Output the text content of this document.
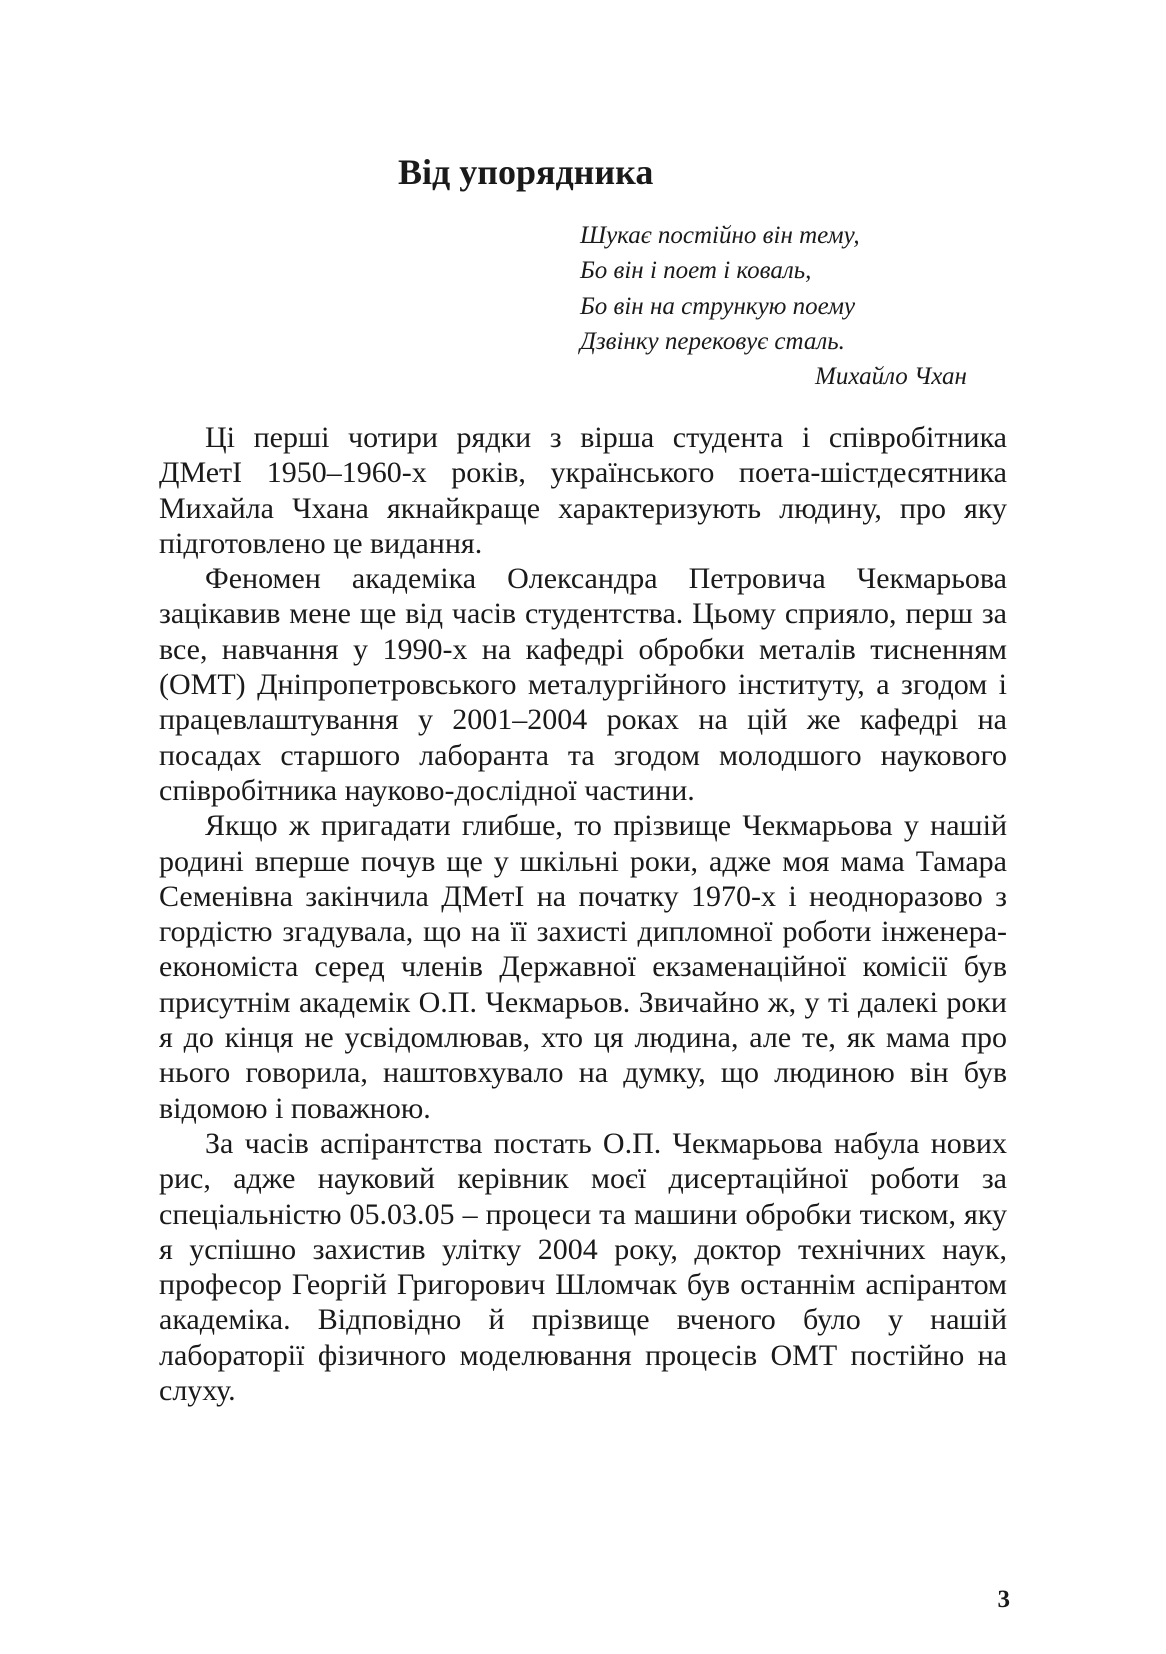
Від упорядника
Шукає постійно він тему,
Бо він і поет і коваль,
Бо він на стрункую поему
Дзвінку перековує сталь.
Михайло Чхан

Ці перші чотири рядки з вірша студента і співробітника ДМетІ 1950–1960-х років, українського поета-шістдесятника Михайла Чхана якнайкраще характеризують людину, про яку підготовлено це видання.

Феномен академіка Олександра Петровича Чекмарьова зацікавив мене ще від часів студентства. Цьому сприяло, перш за все, навчання у 1990-х на кафедрі обробки металів тисненням (ОМТ) Дніпропетровського металургійного інституту, а згодом і працевлаштування у 2001–2004 роках на цій же кафедрі на посадах старшого лаборанта та згодом молодшого наукового співробітника науково-дослідної частини.

Якщо ж пригадати глибше, то прізвище Чекмарьова у нашій родині вперше почув ще у шкільні роки, адже моя мама Тамара Семенівна закінчила ДМетІ на початку 1970-х і неодноразово з гордістю згадувала, що на її захисті дипломної роботи інженера-економіста серед членів Державної екзаменаційної комісії був присутнім академік О.П. Чекмарьов. Звичайно ж, у ті далекі роки я до кінця не усвідомлював, хто ця людина, але те, як мама про нього говорила, наштовхувало на думку, що людиною він був відомою і поважною.

За часів аспірантства постать О.П. Чекмарьова набула нових рис, адже науковий керівник моєї дисертаційної роботи за спеціальністю 05.03.05 – процеси та машини обробки тиском, яку я успішно захистив улітку 2004 року, доктор технічних наук, професор Георгій Григорович Шломчак був останнім аспірантом академіка. Відповідно й прізвище вченого було у нашій лабораторії фізичного моделювання процесів ОМТ постійно на слуху.

3
